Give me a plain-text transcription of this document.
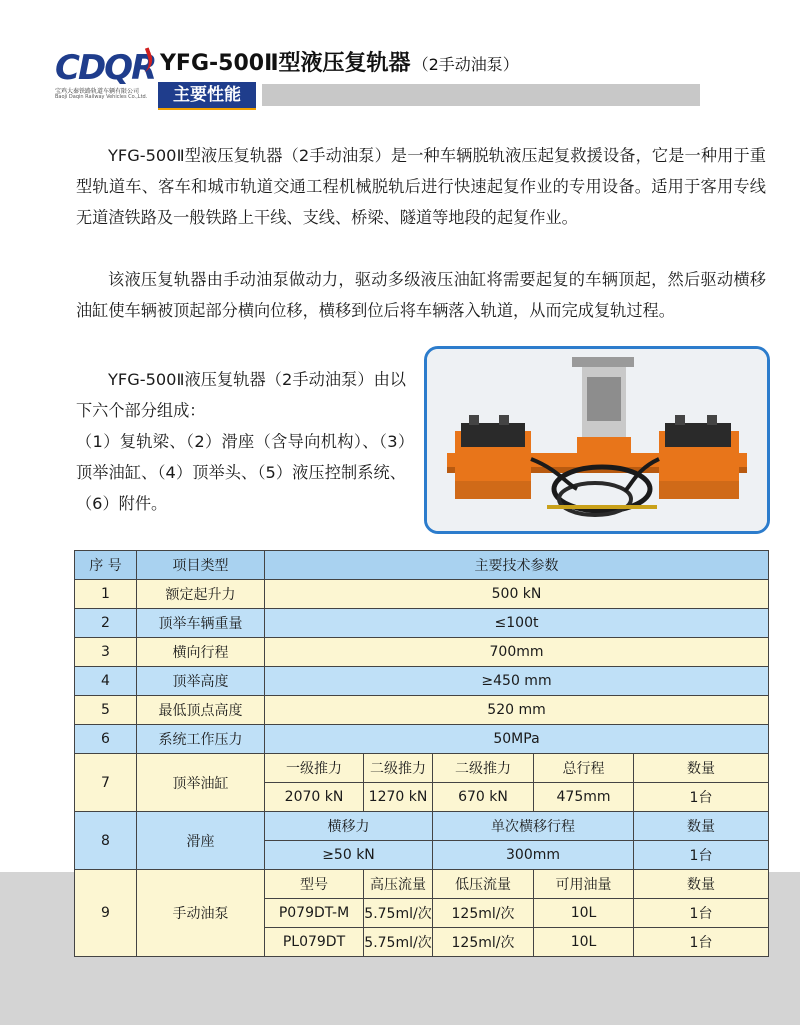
CDQR
宝鸡大秦铁路轨道车辆有限公司
Baoji Daqin Railway Vehicles Co.,Ltd.
YFG-500Ⅱ型液压复轨器 （2手动油泵）
主要性能

YFG-500Ⅱ型液压复轨器（2手动油泵）是一种车辆脱轨液压起复救援设备，它是一种用于重型轨道车、客车和城市轨道交通工程机械脱轨后进行快速起复作业的专用设备。适用于客用专线无道渣铁路及一般铁路上干线、支线、桥梁、隧道等地段的起复作业。

该液压复轨器由手动油泵做动力，驱动多级液压油缸将需要起复的车辆顶起，然后驱动横移油缸使车辆被顶起部分横向位移，横移到位后将车辆落入轨道，从而完成复轨过程。

YFG-500Ⅱ液压复轨器（2手动油泵）由以下六个部分组成：

（1）复轨梁、（2）滑座（含导向机构）、（3）顶举油缸、（4）顶举头、（5）液压控制系统、（6）附件。

序 号	项目类型	主要技术参数				
1	额定起升力	500 kN				
2	顶举车辆重量	≤100t				
3	横向行程	700mm				
4	顶举高度	≥450 mm				
5	最低顶点高度	520 mm				
6	系统工作压力	50MPa				
7	顶举油缸	一级推力	二级推力	二级推力	总行程	数量
		2070 kN	1270 kN	670 kN	475mm	1台
8	滑座	横移力		单次横移行程		数量
		≥50 kN		300mm		1台
9	手动油泵	型号	高压流量	低压流量	可用油量	数量
		P079DT-M	5.75ml/次	125ml/次	10L	1台
		PL079DT	5.75ml/次	125ml/次	10L	1台
